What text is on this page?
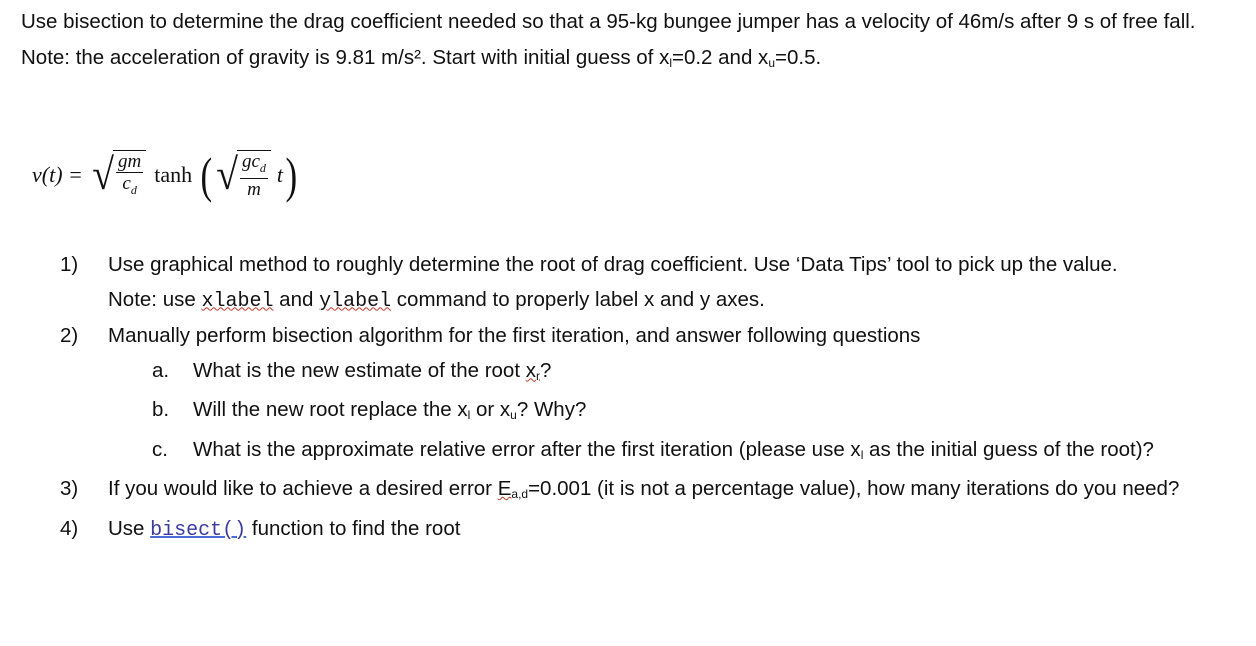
Use bisection to determine the drag coefficient needed so that a 95-kg bungee jumper has a velocity of 46m/s after 9 s of free fall. Note: the acceleration of gravity is 9.81 m/s². Start with initial guess of $x_l=0.2$ and $x_u=0.5$.

v(t) = √ $\frac{gm}{c_d}$ tanh ( √ $\frac{gc_d}{m}$ t )
1) Use graphical method to roughly determine the root of drag coefficient. Use ‘Data Tips’ tool to pick up the value.
Note: use xlabel and ylabel command to properly label x and y axes.
2) Manually perform bisection algorithm for the first iteration, and answer following questions
a. What is the new estimate of the root $x_r$?
b. Will the new root replace the $x_l$ or $x_u$? Why?
c. What is the approximate relative error after the first iteration (please use $x_l$ as the initial guess of the root)?
3) If you would like to achieve a desired error $E_{a,d}=0.001$ (it is not a percentage value), how many iterations do you need?
4) Use bisect() function to find the root
